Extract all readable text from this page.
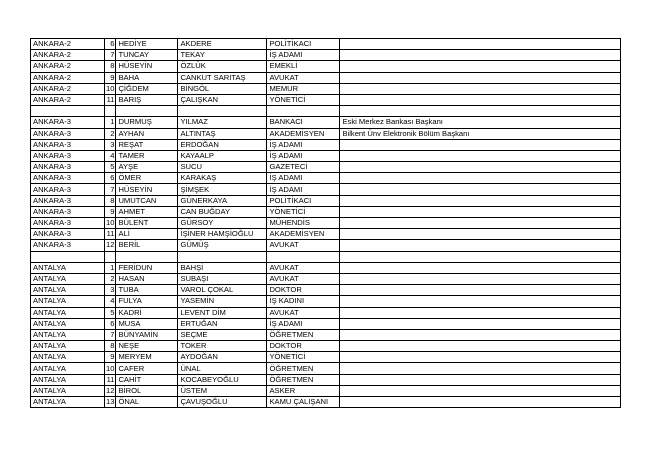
ANKARA-2	6	HEDİYE	AKDERE	POLİTİKACI	
ANKARA-2	7	TUNCAY	TEKAY	İŞ ADAMI	
ANKARA-2	8	HÜSEYİN	ÖZLÜK	EMEKLİ	
ANKARA-2	9	BAHA	CANKUT SARITAŞ	AVUKAT	
ANKARA-2	10	ÇİĞDEM	BİNGÖL	MEMUR	
ANKARA-2	11	BARIŞ	ÇALIŞKAN	YÖNETİCİ	

ANKARA-3	1	DURMUŞ	YILMAZ	BANKACI	Eski Merkez Bankası Başkanı
ANKARA-3	2	AYHAN	ALTINTAŞ	AKADEMİSYEN	Bilkent Ünv Elektronik Bölüm Başkanı
ANKARA-3	3	REŞAT	ERDOĞAN	İŞ ADAMI	
ANKARA-3	4	TAMER	KAYAALP	İŞ ADAMI	
ANKARA-3	5	AYŞE	SUCU	GAZETECİ	
ANKARA-3	6	ÖMER	KARAKAŞ	İŞ ADAMI	
ANKARA-3	7	HÜSEYİN	ŞİMŞEK	İŞ ADAMI	
ANKARA-3	8	UMUTCAN	GÜNERKAYA	POLİTİKACI	
ANKARA-3	9	AHMET	CAN BUĞDAY	YÖNETİCİ	
ANKARA-3	10	BÜLENT	GÜRSOY	MÜHENDİS	
ANKARA-3	11	ALİ	İŞİNER HAMŞİOĞLU	AKADEMİSYEN	
ANKARA-3	12	BERİL	GÜMÜŞ	AVUKAT	

ANTALYA	1	FERİDUN	BAHŞİ	AVUKAT	
ANTALYA	2	HASAN	SUBAŞI	AVUKAT	
ANTALYA	3	TUBA	VAROL ÇOKAL	DOKTOR	
ANTALYA	4	FULYA	YASEMİN	İŞ KADINI	
ANTALYA	5	KADRİ	LEVENT DİM	AVUKAT	
ANTALYA	6	MUSA	ERTUĞAN	İŞ ADAMI	
ANTALYA	7	BÜNYAMİN	SEÇME	ÖĞRETMEN	
ANTALYA	8	NEŞE	TOKER	DOKTOR	
ANTALYA	9	MERYEM	AYDOĞAN	YÖNETİCİ	
ANTALYA	10	CAFER	ÜNAL	ÖĞRETMEN	
ANTALYA	11	CAHİT	KOCABEYOĞLU	ÖĞRETMEN	
ANTALYA	12	BİROL	ÜSTEM	ASKER	
ANTALYA	13	ÖNAL	ÇAVUŞOĞLU	KAMU ÇALIŞANI	
